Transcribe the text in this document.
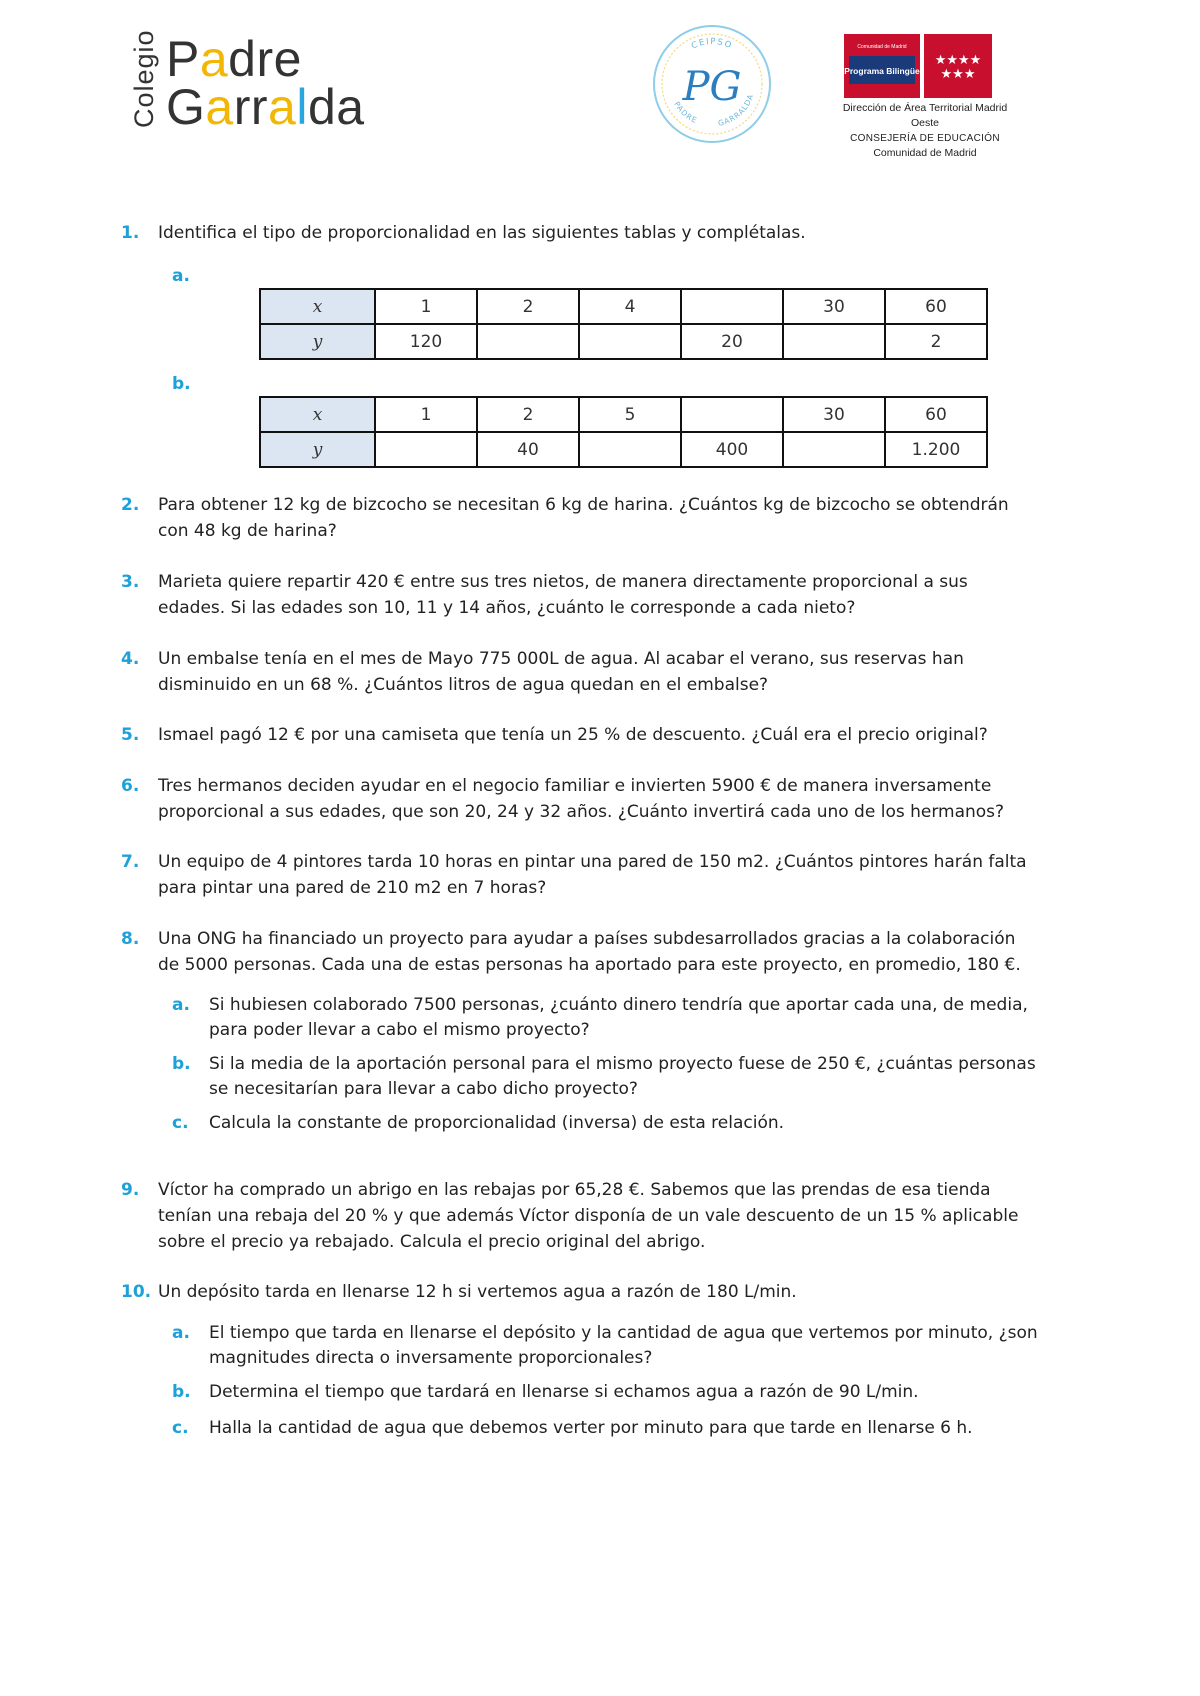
Colegio Padre
Garralda
CEIPSO
PADRE GARRALDA
PG
Comunidad de Madrid
Programa Bilingüe
★★★★
★★★
Dirección de Área Territorial Madrid
Oeste
CONSEJERÍA DE EDUCACIÓN
Comunidad de Madrid
1. Identifica el tipo de proporcionalidad en las siguientes tablas y complétalas.
a.
x	1	2	4		30	60
y	120			20		2
b.
x	1	2	5		30	60
y		40		400		1.200
2. Para obtener 12 kg de bizcocho se necesitan 6 kg de harina. ¿Cuántos kg de bizcocho se obtendrán
con 48 kg de harina?
3. Marieta quiere repartir 420 € entre sus tres nietos, de manera directamente proporcional a sus
edades. Si las edades son 10, 11 y 14 años, ¿cuánto le corresponde a cada nieto?
4. Un embalse tenía en el mes de Mayo 775 000L de agua. Al acabar el verano, sus reservas han
disminuido en un 68 %. ¿Cuántos litros de agua quedan en el embalse?
5. Ismael pagó 12 € por una camiseta que tenía un 25 % de descuento. ¿Cuál era el precio original?
6. Tres hermanos deciden ayudar en el negocio familiar e invierten 5900 € de manera inversamente
proporcional a sus edades, que son 20, 24 y 32 años. ¿Cuánto invertirá cada uno de los hermanos?
7. Un equipo de 4 pintores tarda 10 horas en pintar una pared de 150 m2. ¿Cuántos pintores harán falta
para pintar una pared de 210 m2 en 7 horas?
8. Una ONG ha financiado un proyecto para ayudar a países subdesarrollados gracias a la colaboración
de 5000 personas. Cada una de estas personas ha aportado para este proyecto, en promedio, 180 €.
a. Si hubiesen colaborado 7500 personas, ¿cuánto dinero tendría que aportar cada una, de media,
para poder llevar a cabo el mismo proyecto?
b. Si la media de la aportación personal para el mismo proyecto fuese de 250 €, ¿cuántas personas
se necesitarían para llevar a cabo dicho proyecto?
c. Calcula la constante de proporcionalidad (inversa) de esta relación.
9. Víctor ha comprado un abrigo en las rebajas por 65,28 €. Sabemos que las prendas de esa tienda
tenían una rebaja del 20 % y que además Víctor disponía de un vale descuento de un 15 % aplicable
sobre el precio ya rebajado. Calcula el precio original del abrigo.
10. Un depósito tarda en llenarse 12 h si vertemos agua a razón de 180 L/min.
a. El tiempo que tarda en llenarse el depósito y la cantidad de agua que vertemos por minuto, ¿son
magnitudes directa o inversamente proporcionales?
b. Determina el tiempo que tardará en llenarse si echamos agua a razón de 90 L/min.
c. Halla la cantidad de agua que debemos verter por minuto para que tarde en llenarse 6 h.
